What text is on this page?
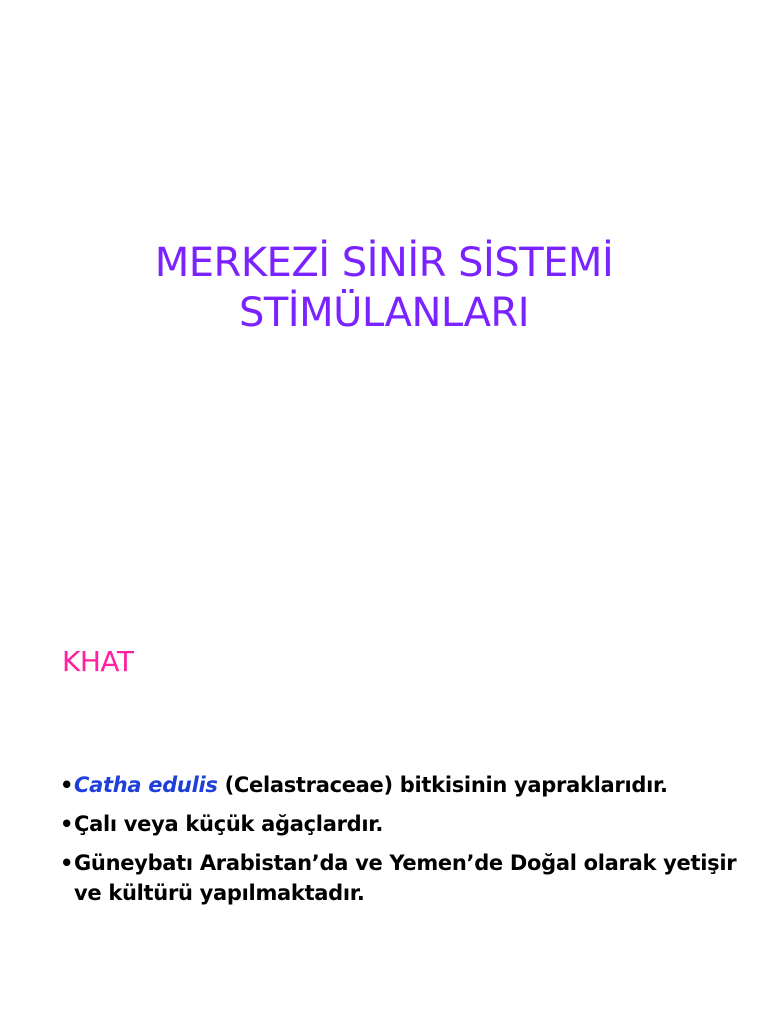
MERKEZİ SİNİR SİSTEMİ
STİMÜLANLARI
KHAT
• Catha edulis (Celastraceae) bitkisinin yapraklarıdır.
• Çalı veya küçük ağaçlardır.
• Güneybatı Arabistan’da ve Yemen’de Doğal olarak yetişir ve kültürü yapılmaktadır.
